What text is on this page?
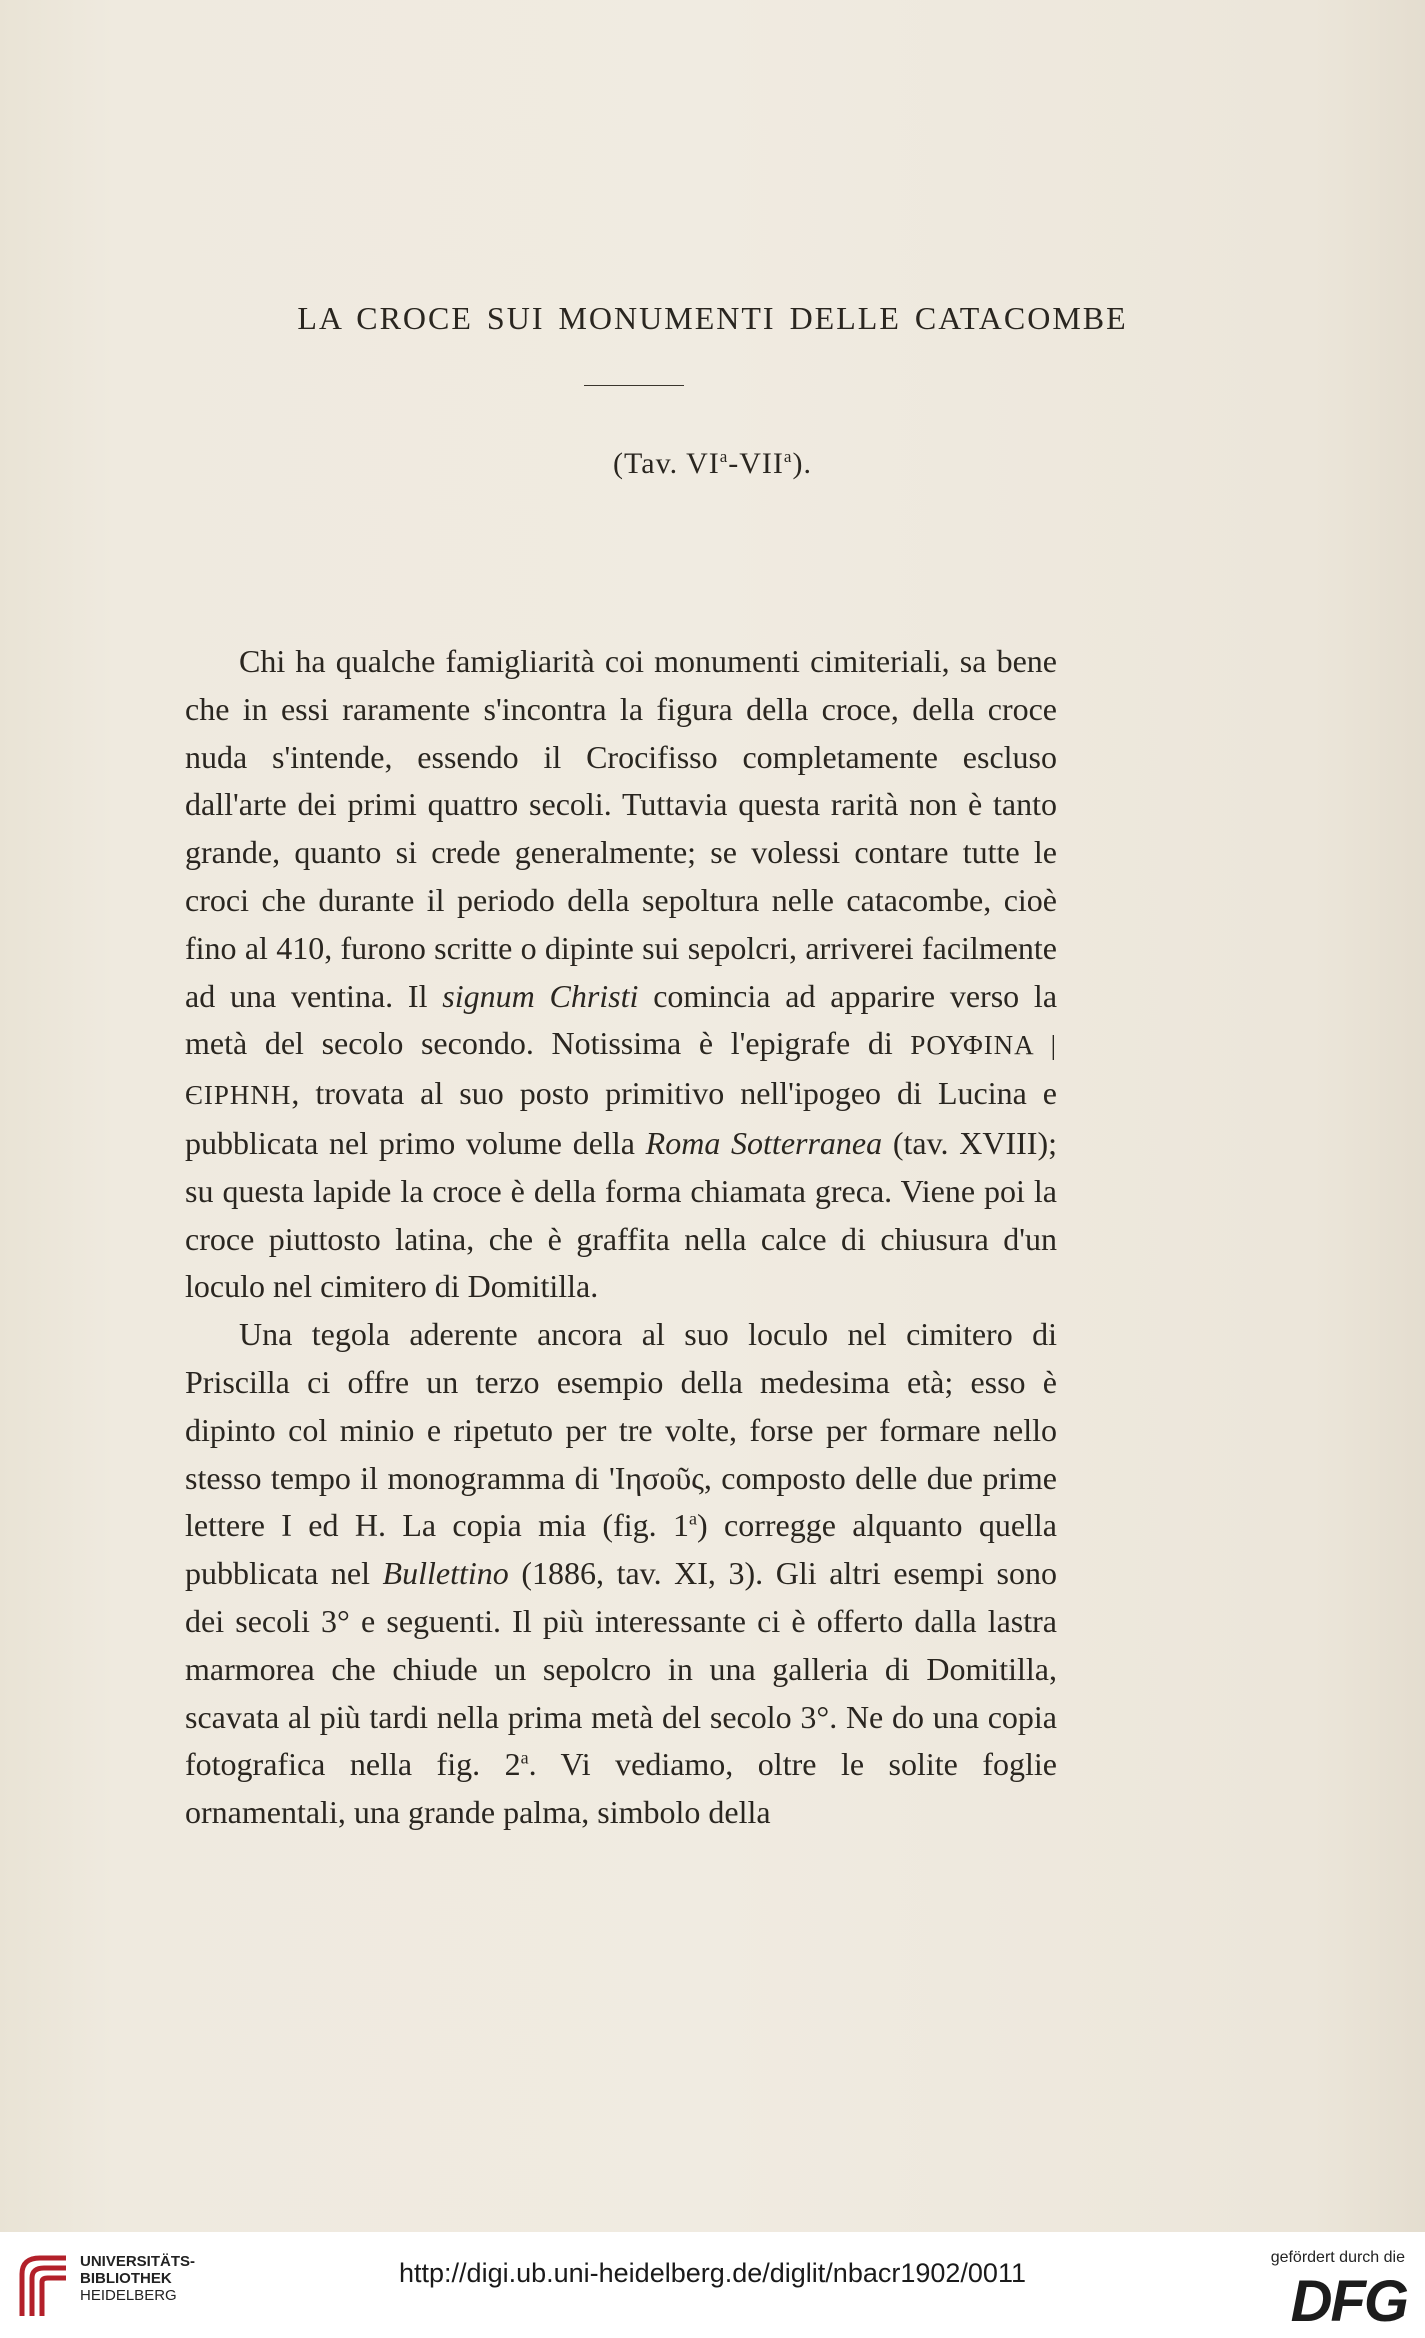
LA CROCE SUI MONUMENTI DELLE CATACOMBE
(Tav. $VI^a-VII^a$).

Chi ha qualche famigliarità coi monumenti cimiteriali, sa bene che in essi raramente s'incontra la figura della croce, della croce nuda s'intende, essendo il Crocifisso completamente escluso dall'arte dei primi quattro secoli. Tuttavia questa rarità non è tanto grande, quanto si crede generalmente; se volessi contare tutte le croci che durante il periodo della sepoltura nelle catacombe, cioè fino al 410, furono scritte o dipinte sui sepolcri, arriverei facilmente ad una ventina. Il signum Christi comincia ad apparire verso la metà del secolo secondo. Notissima è l'epigrafe di ΡΟΥΦΙΝΑ | ЄΙΡΗΝΗ, trovata al suo posto primitivo nell'ipogeo di Lucina e pubblicata nel primo volume della Roma Sotterranea (tav. XVIII); su questa lapide la croce è della forma chiamata greca. Viene poi la croce piuttosto latina, che è graffita nella calce di chiusura d'un loculo nel cimitero di Domitilla.

Una tegola aderente ancora al suo loculo nel cimitero di Priscilla ci offre un terzo esempio della medesima età; esso è dipinto col minio e ripetuto per tre volte, forse per formare nello stesso tempo il monogramma di 'Ιησοῦς, composto delle due prime lettere Ι ed Η. La copia mia (fig. 1$^a$) corregge alquanto quella pubblicata nel Bullettino (1886, tav. XI, 3). Gli altri esempi sono dei secoli 3° e seguenti. Il più interessante ci è offerto dalla lastra marmorea che chiude un sepolcro in una galleria di Domitilla, scavata al più tardi nella prima metà del secolo 3°. Ne do una copia fotografica nella fig. 2$^a$. Vi vediamo, oltre le solite foglie ornamentali, una grande palma, simbolo della

UNIVERSITÄTS-
BIBLIOTHEK
HEIDELBERG
http://digi.ub.uni-heidelberg.de/diglit/nbacr1902/0011
gefördert durch die
DFG
